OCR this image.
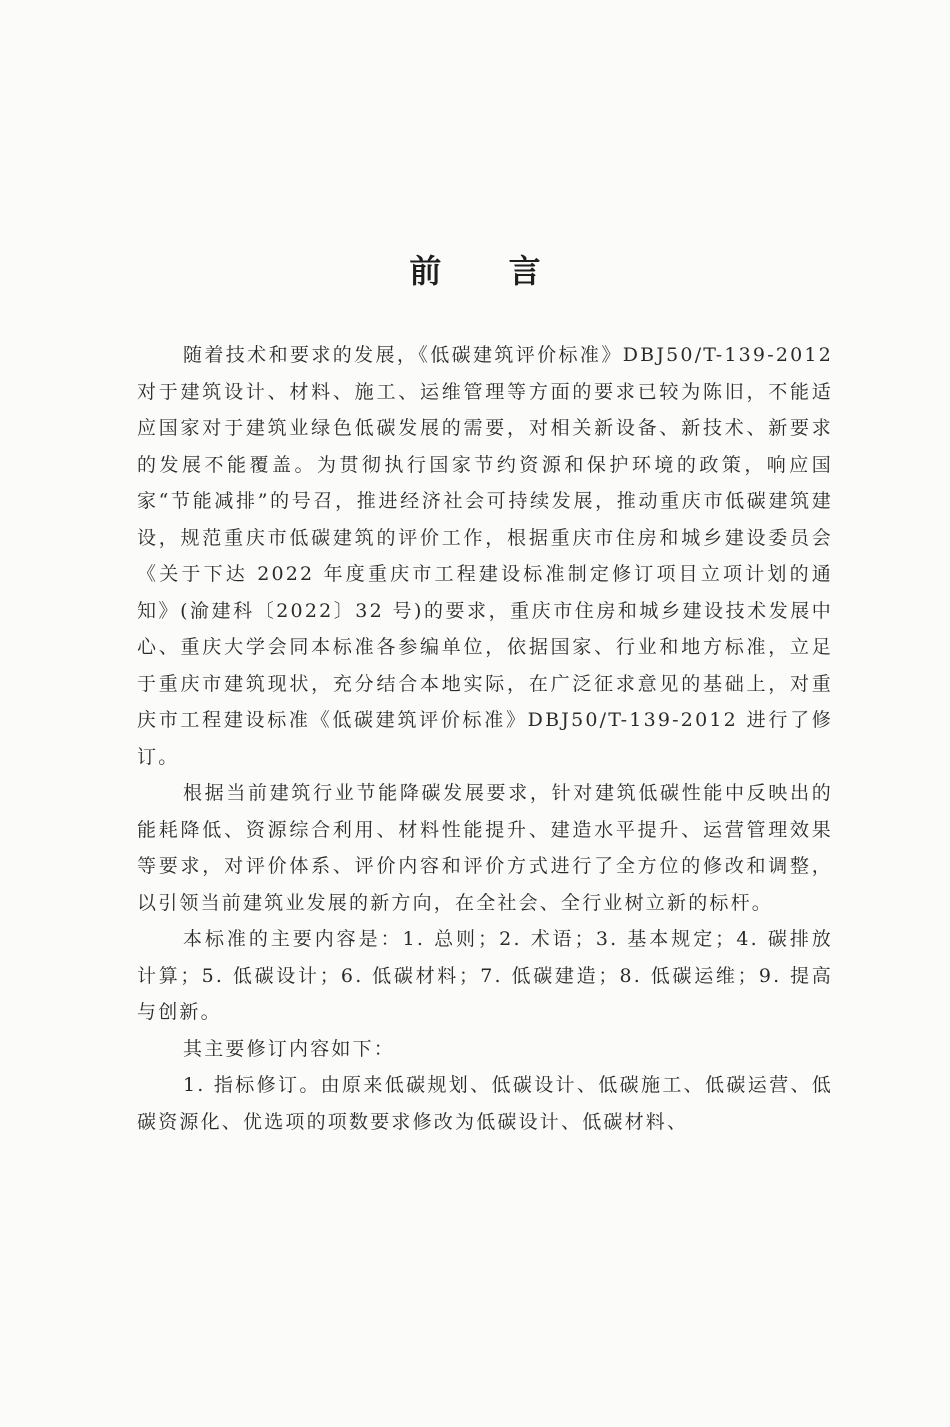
前 言

随着技术和要求的发展，《低碳建筑评价标准》DBJ50/T-139-2012 对于建筑设计、材料、施工、运维管理等方面的要求已较为陈旧，不能适应国家对于建筑业绿色低碳发展的需要，对相关新设备、新技术、新要求的发展不能覆盖。为贯彻执行国家节约资源和保护环境的政策，响应国家“节能减排”的号召，推进经济社会可持续发展，推动重庆市低碳建筑建设，规范重庆市低碳建筑的评价工作，根据重庆市住房和城乡建设委员会《关于下达 2022 年度重庆市工程建设标准制定修订项目立项计划的通知》(渝建科〔2022〕32 号)的要求，重庆市住房和城乡建设技术发展中心、重庆大学会同本标准各参编单位，依据国家、行业和地方标准，立足于重庆市建筑现状，充分结合本地实际，在广泛征求意见的基础上，对重庆市工程建设标准《低碳建筑评价标准》DBJ50/T-139-2012 进行了修订。

根据当前建筑行业节能降碳发展要求，针对建筑低碳性能中反映出的能耗降低、资源综合利用、材料性能提升、建造水平提升、运营管理效果等要求，对评价体系、评价内容和评价方式进行了全方位的修改和调整，以引领当前建筑业发展的新方向，在全社会、全行业树立新的标杆。

本标准的主要内容是：1. 总则；2. 术语；3. 基本规定；4. 碳排放计算；5. 低碳设计；6. 低碳材料；7. 低碳建造；8. 低碳运维；9. 提高与创新。

其主要修订内容如下：

1. 指标修订。由原来低碳规划、低碳设计、低碳施工、低碳运营、低碳资源化、优选项的项数要求修改为低碳设计、低碳材料、
